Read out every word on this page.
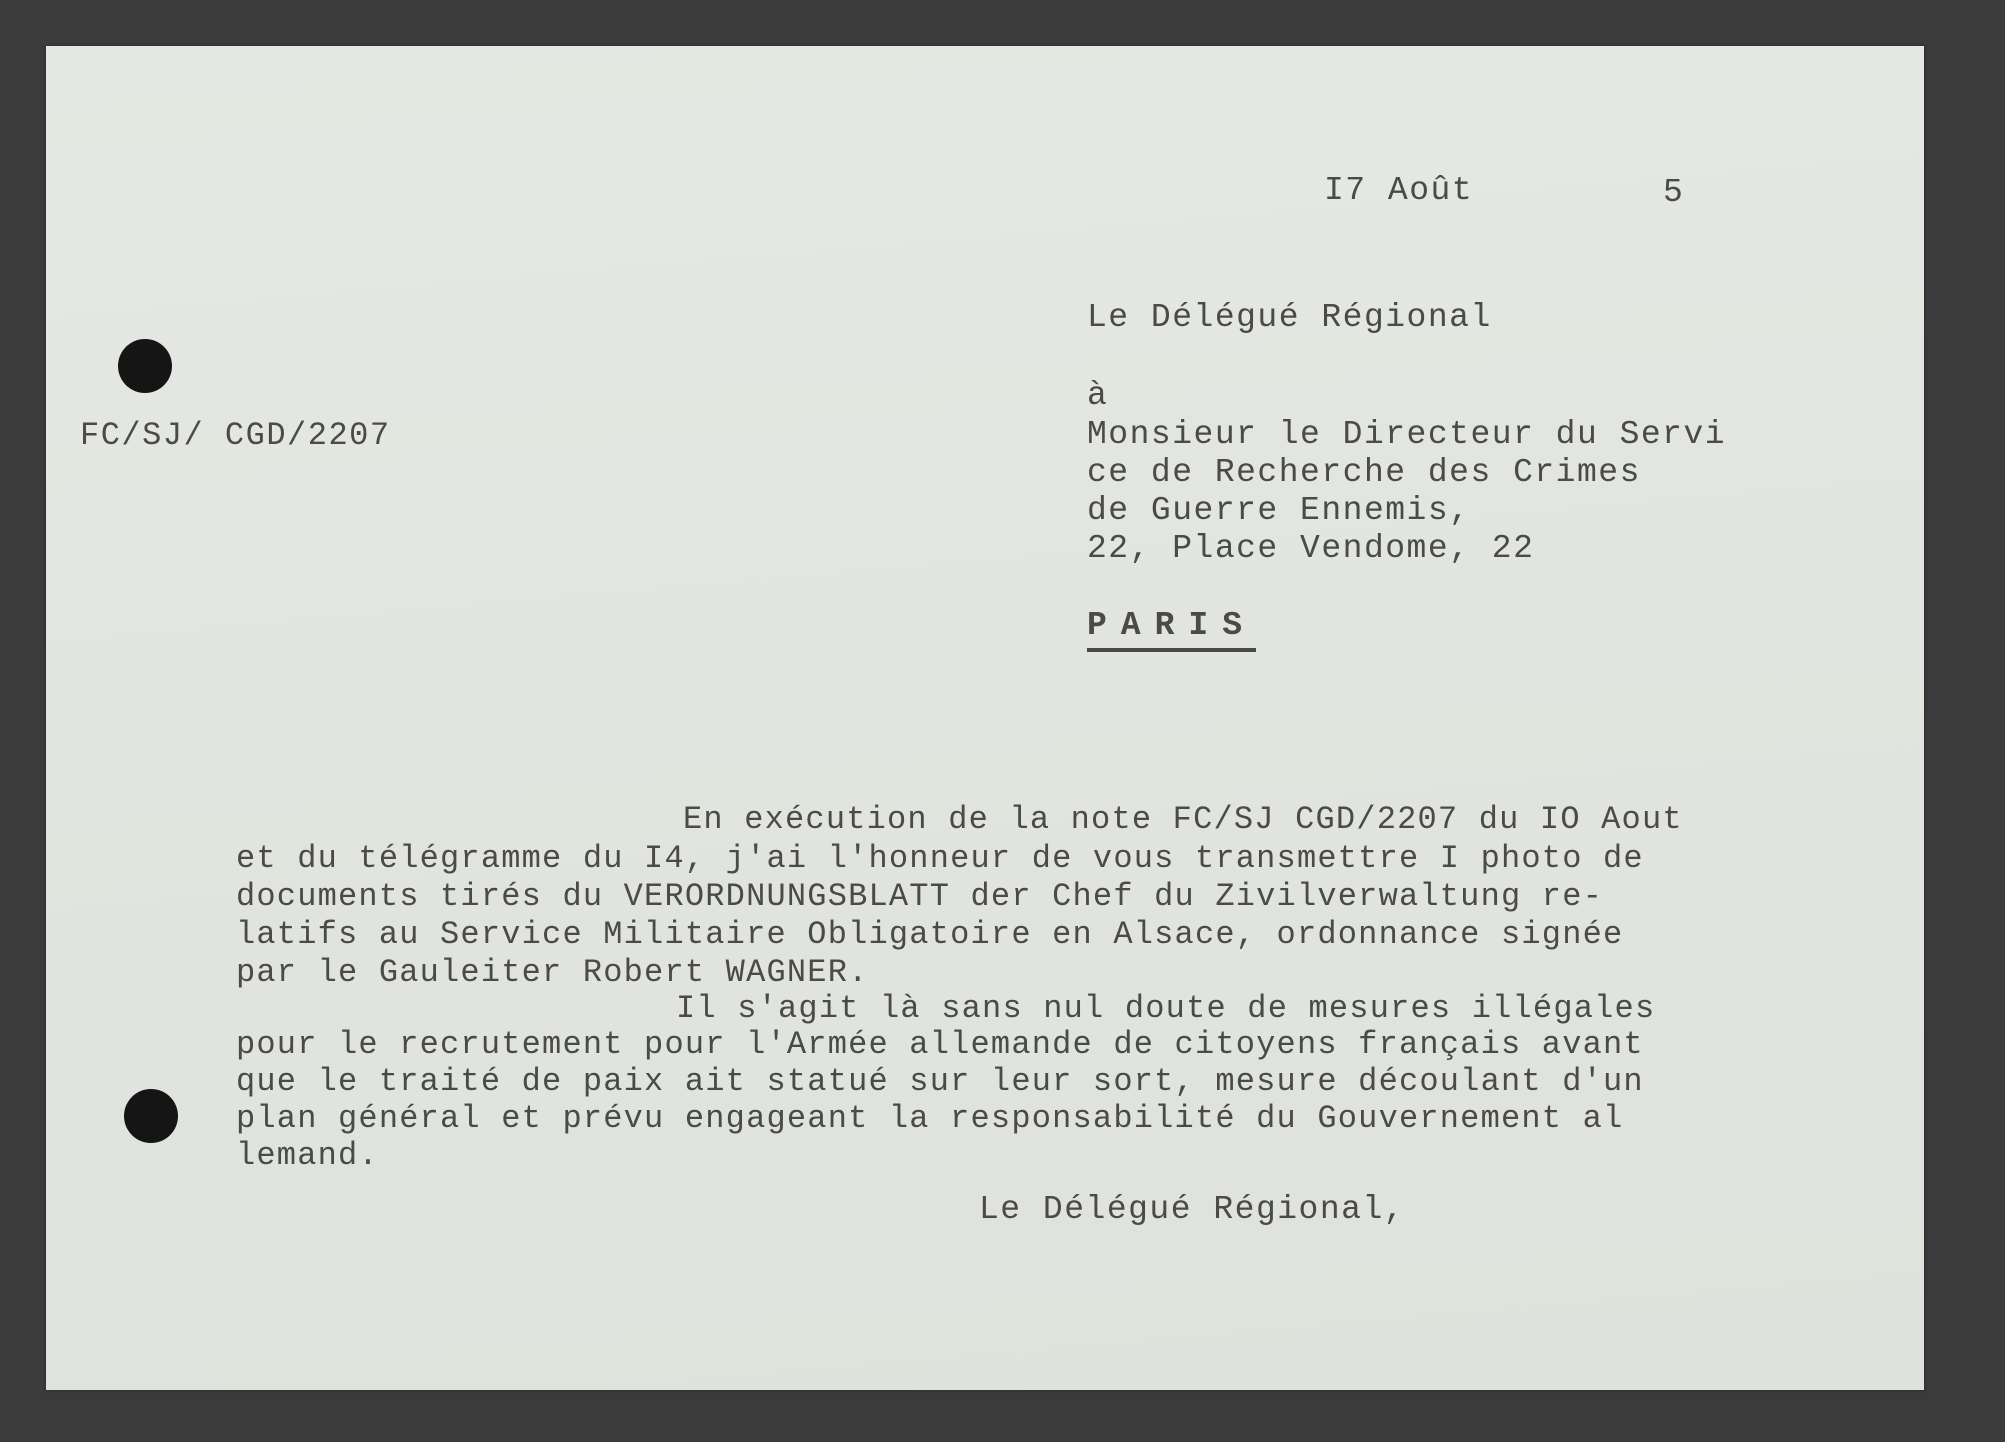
I7 Août	5
Le Délégué Régional
FC/SJ/ CGD/2207
à
Monsieur le Directeur du Servi
ce de Recherche des Crimes
de Guerre Ennemis,
22, Place Vendome, 22
PARIS
En exécution de la note FC/SJ CGD/2207 du IO Aout
et du télégramme du I4, j'ai l'honneur de vous transmettre I photo de
documents tirés du VERORDNUNGSBLATT der Chef du Zivilverwaltung re-
latifs au Service Militaire Obligatoire en Alsace, ordonnance signée
par le Gauleiter Robert WAGNER.
Il s'agit là sans nul doute de mesures illégales
pour le recrutement pour l'Armée allemande de citoyens français avant
que le traité de paix ait statué sur leur sort, mesure découlant d'un
plan général et prévu engageant la responsabilité du Gouvernement al
lemand.
Le Délégué Régional,
